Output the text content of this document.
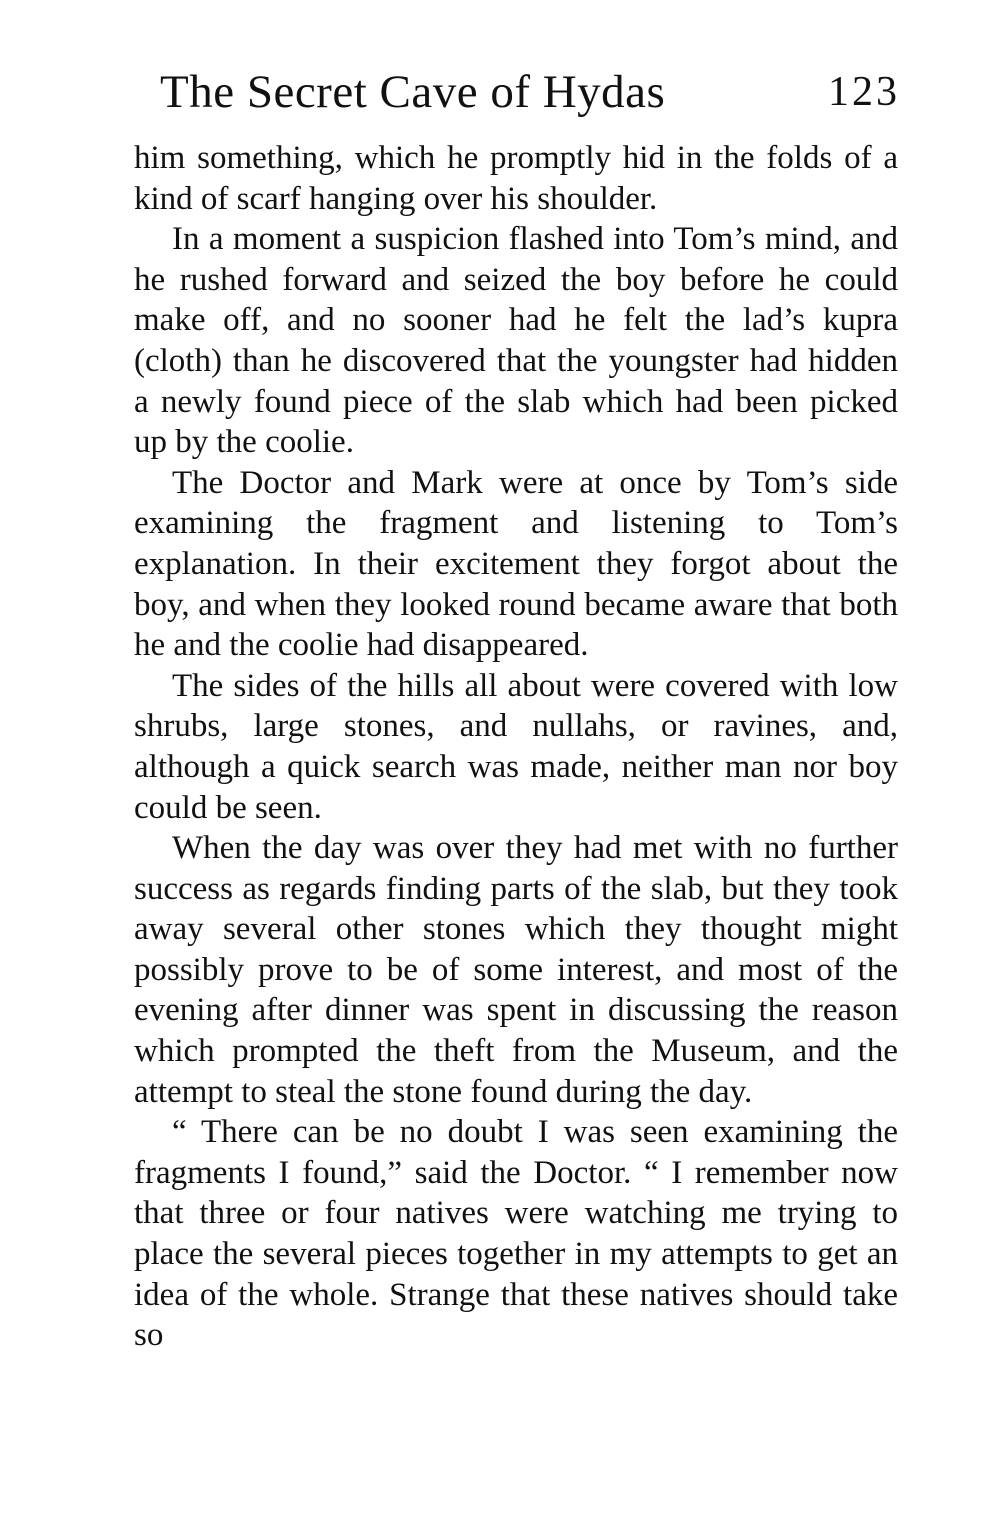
The Secret Cave of Hydas	123

him something, which he promptly hid in the folds of a kind of scarf hanging over his shoulder.

In a moment a suspicion flashed into Tom’s mind, and he rushed forward and seized the boy before he could make off, and no sooner had he felt the lad’s kupra (cloth) than he discovered that the youngster had hidden a newly found piece of the slab which had been picked up by the coolie.

The Doctor and Mark were at once by Tom’s side examining the fragment and listening to Tom’s explanation. In their excitement they forgot about the boy, and when they looked round became aware that both he and the coolie had disappeared.

The sides of the hills all about were covered with low shrubs, large stones, and nullahs, or ravines, and, although a quick search was made, neither man nor boy could be seen.

When the day was over they had met with no further success as regards finding parts of the slab, but they took away several other stones which they thought might possibly prove to be of some interest, and most of the evening after dinner was spent in discussing the reason which prompted the theft from the Museum, and the attempt to steal the stone found during the day.

“ There can be no doubt I was seen examining the fragments I found,” said the Doctor. “ I remember now that three or four natives were watching me trying to place the several pieces together in my attempts to get an idea of the whole. Strange that these natives should take so
